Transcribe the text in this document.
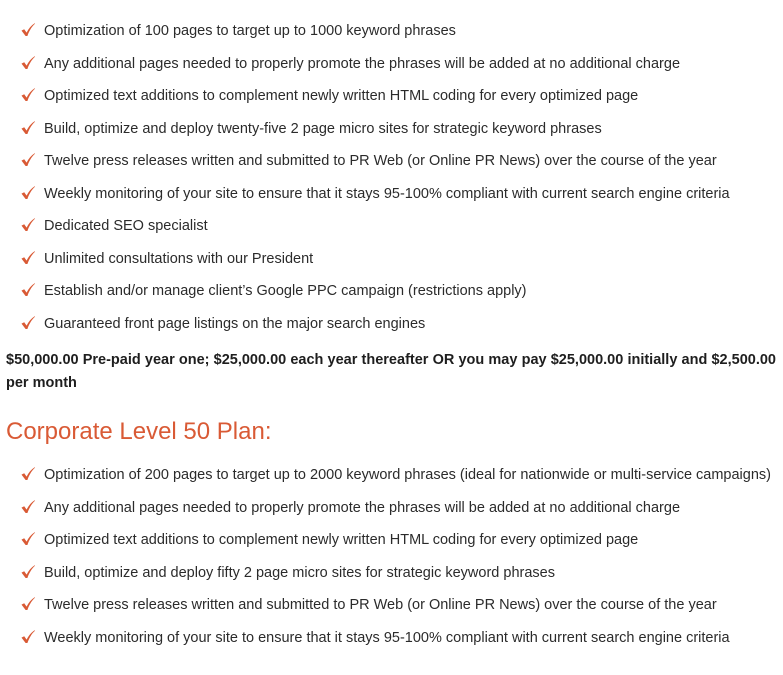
Optimization of 100 pages to target up to 1000 keyword phrases
Any additional pages needed to properly promote the phrases will be added at no additional charge
Optimized text additions to complement newly written HTML coding for every optimized page
Build, optimize and deploy twenty-five 2 page micro sites for strategic keyword phrases
Twelve press releases written and submitted to PR Web (or Online PR News) over the course of the year
Weekly monitoring of your site to ensure that it stays 95-100% compliant with current search engine criteria
Dedicated SEO specialist
Unlimited consultations with our President
Establish and/or manage client’s Google PPC campaign (restrictions apply)
Guaranteed front page listings on the major search engines
$50,000.00 Pre-paid year one; $25,000.00 each year thereafter OR you may pay $25,000.00 initially and $2,500.00 per month
Corporate Level 50 Plan:
Optimization of 200 pages to target up to 2000 keyword phrases (ideal for nationwide or multi-service campaigns)
Any additional pages needed to properly promote the phrases will be added at no additional charge
Optimized text additions to complement newly written HTML coding for every optimized page
Build, optimize and deploy fifty 2 page micro sites for strategic keyword phrases
Twelve press releases written and submitted to PR Web (or Online PR News) over the course of the year
Weekly monitoring of your site to ensure that it stays 95-100% compliant with current search engine criteria
